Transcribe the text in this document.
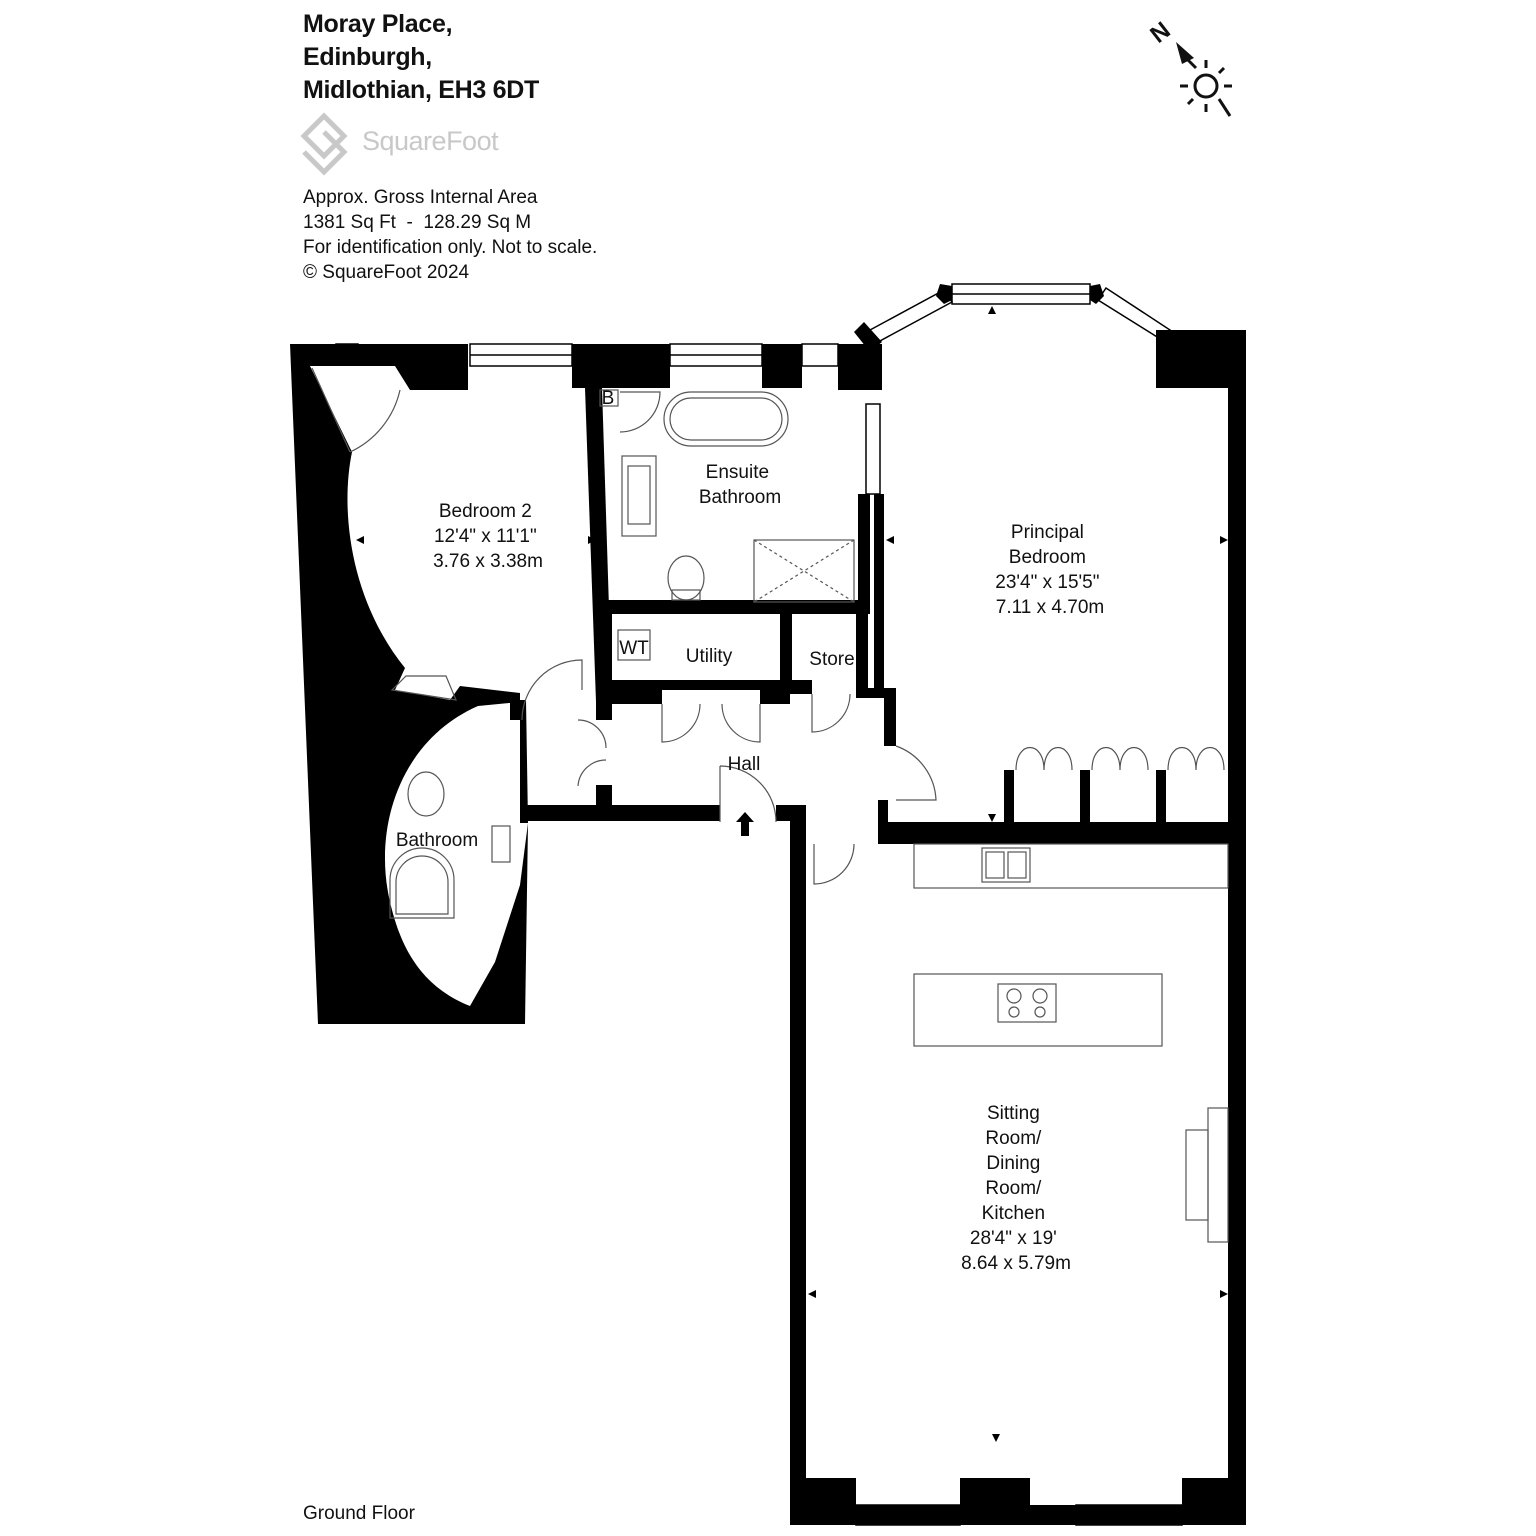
Moray Place,
Edinburgh,
Midlothian, EH3 6DT
SquareFoot
Approx. Gross Internal Area
1381 Sq Ft  -  128.29 Sq M
For identification only. Not to scale.
© SquareFoot 2024
N
Bedroom 2 12'4" x 11'1" 3.76 x 3.38m
Ensuite Bathroom
Principal Bedroom 23'4" x 15'5" 7.11 x 4.70m
WT
B
Utility	Store
Hall
Bathroom
Sitting Room/ Dining Room/ Kitchen 28'4" x 19' 8.64 x 5.79m
Ground Floor
